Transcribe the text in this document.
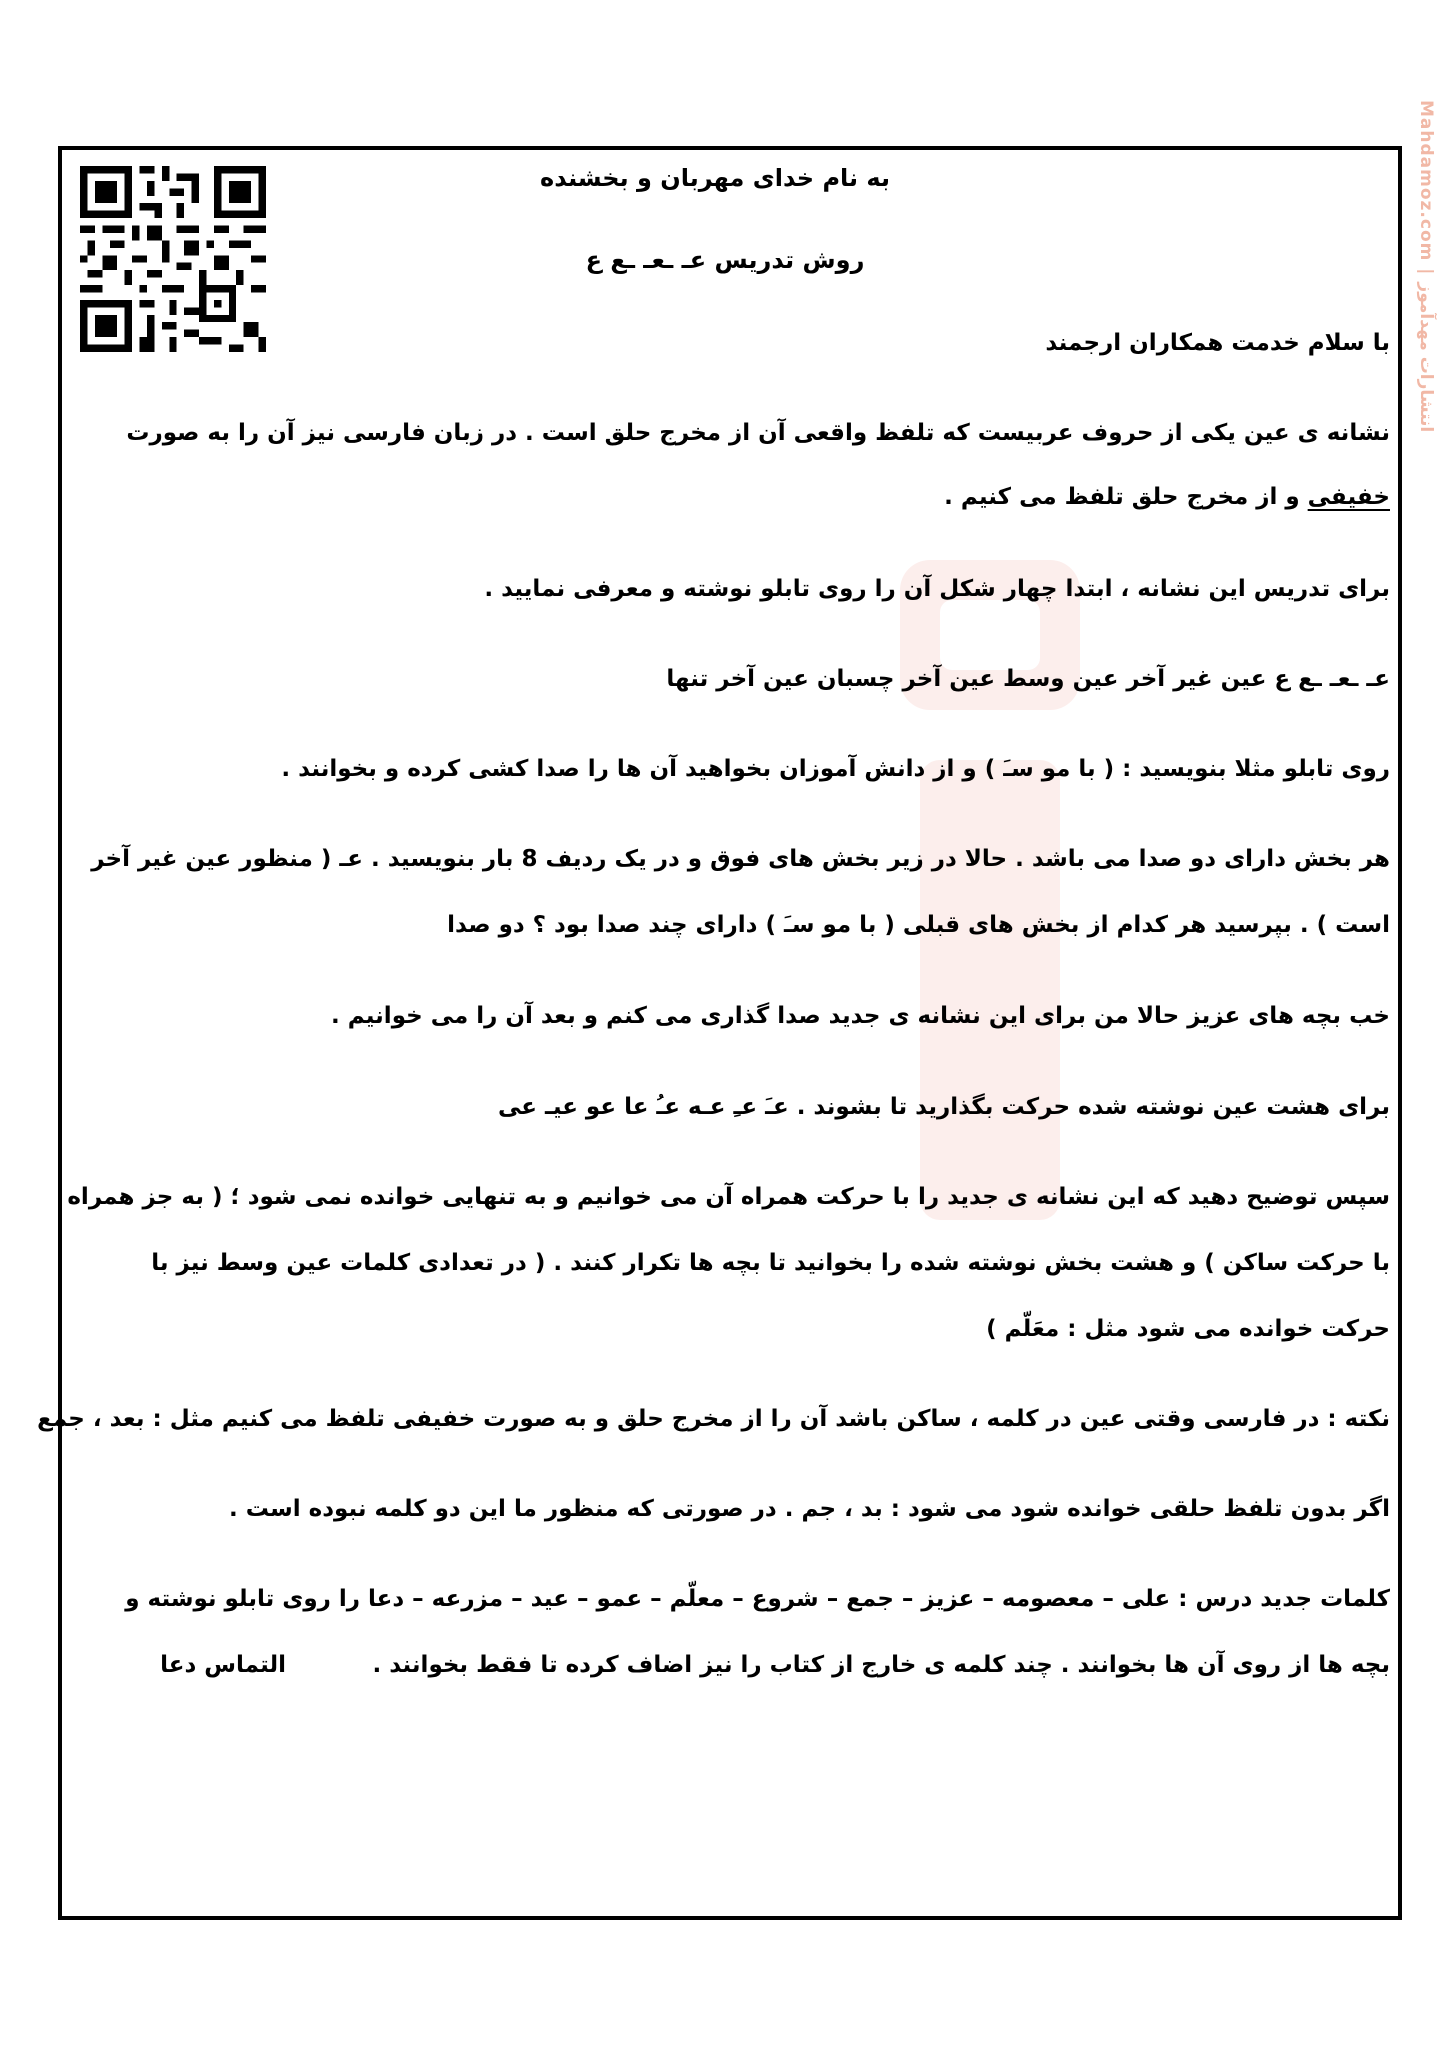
Mahdamoz.com | انتشارات مهدآموز
به نام خدای مهربان و بخشنده
روش تدریس عـ ـعـ ـع ع
با سلام خدمت همکاران ارجمند
نشانه ی عین یکی از حروف عربیست که تلفظ واقعی آن از مخرج حلق است . در زبان فارسی نیز آن را به صورت
خفیفی و از مخرج حلق تلفظ می کنیم .
برای تدریس این نشانه ، ابتدا چهار شکل آن را روی تابلو نوشته و معرفی نمایید .
عـ ـعـ ـع ع عین غیر آخر عین وسط عین آخر چسبان عین آخر تنها
روی تابلو مثلا بنویسید : ( با مو سـَ ) و از دانش آموزان بخواهید آن ها را صدا کشی کرده و بخوانند .
هر بخش دارای دو صدا می باشد . حالا در زیر بخش های فوق و در یک ردیف 8 بار بنویسید . عـ ( منظور عین غیر آخر
است ) . بپرسید هر کدام از بخش های قبلی ( با مو سـَ ) دارای چند صدا بود ؟ دو صدا
خب بچه های عزیز حالا من برای این نشانه ی جدید صدا گذاری می کنم و بعد آن را می خوانیم .
برای هشت عین نوشته شده حرکت بگذارید تا بشوند . عـَ عـِ عـه عـُ عا عو عیـ عی
سپس توضیح دهید که این نشانه ی جدید را با حرکت همراه آن می خوانیم و به تنهایی خوانده نمی شود ؛ ( به جز همراه
با حرکت ساکن ) و هشت بخش نوشته شده را بخوانید تا بچه ها تکرار کنند . ( در تعدادی کلمات عین وسط نیز با
حرکت خوانده می شود مثل : معَلّم )
نکته : در فارسی وقتی عین در کلمه ، ساکن باشد آن را از مخرج حلق و به صورت خفیفی تلفظ می کنیم مثل : بعد ، جمع
اگر بدون تلفظ حلقی خوانده شود می شود : بد ، جم . در صورتی که منظور ما این دو کلمه نبوده است .
کلمات جدید درس : علی – معصومه – عزیز – جمع – شروع – معلّم – عمو – عید – مزرعه – دعا را روی تابلو نوشته و
بچه ها از روی آن ها بخوانند . چند کلمه ی خارج از کتاب را نیز اضاف کرده تا فقط بخوانند .
التماس دعا
